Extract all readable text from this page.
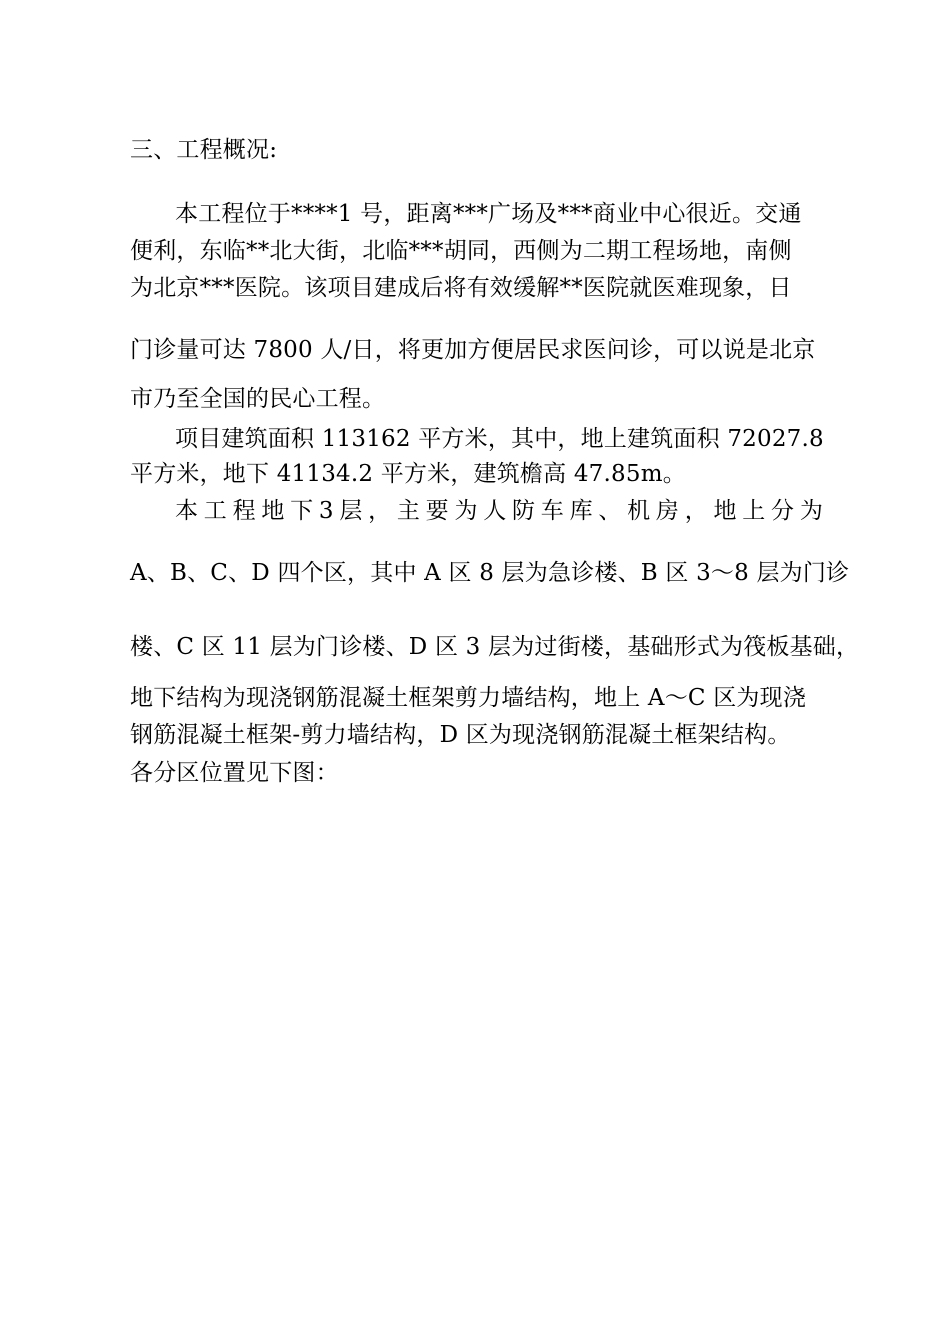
三、工程概况:
本工程位于****1 号，距离***广场及***商业中心很近。交通
便利，东临**北大街，北临***胡同，西侧为二期工程场地，南侧
为北京***医院。该项目建成后将有效缓解**医院就医难现象，日
门诊量可达 7800 人/日，将更加方便居民求医问诊，可以说是北京
市乃至全国的民心工程。
项目建筑面积 113162 平方米，其中，地上建筑面积 72027.8
平方米，地下 41134.2 平方米，建筑檐高 47.85m。
本 工 程 地 下 3 层 ， 主 要 为 人 防 车 库 、 机 房 ， 地 上 分 为
A、B、C、D 四个区，其中 A 区 8 层为急诊楼、B 区 3～8 层为门诊
楼、C 区 11 层为门诊楼、D 区 3 层为过街楼，基础形式为筏板基础，
地下结构为现浇钢筋混凝土框架剪力墙结构，地上 A～C 区为现浇
钢筋混凝土框架-剪力墙结构，D 区为现浇钢筋混凝土框架结构。
各分区位置见下图：
